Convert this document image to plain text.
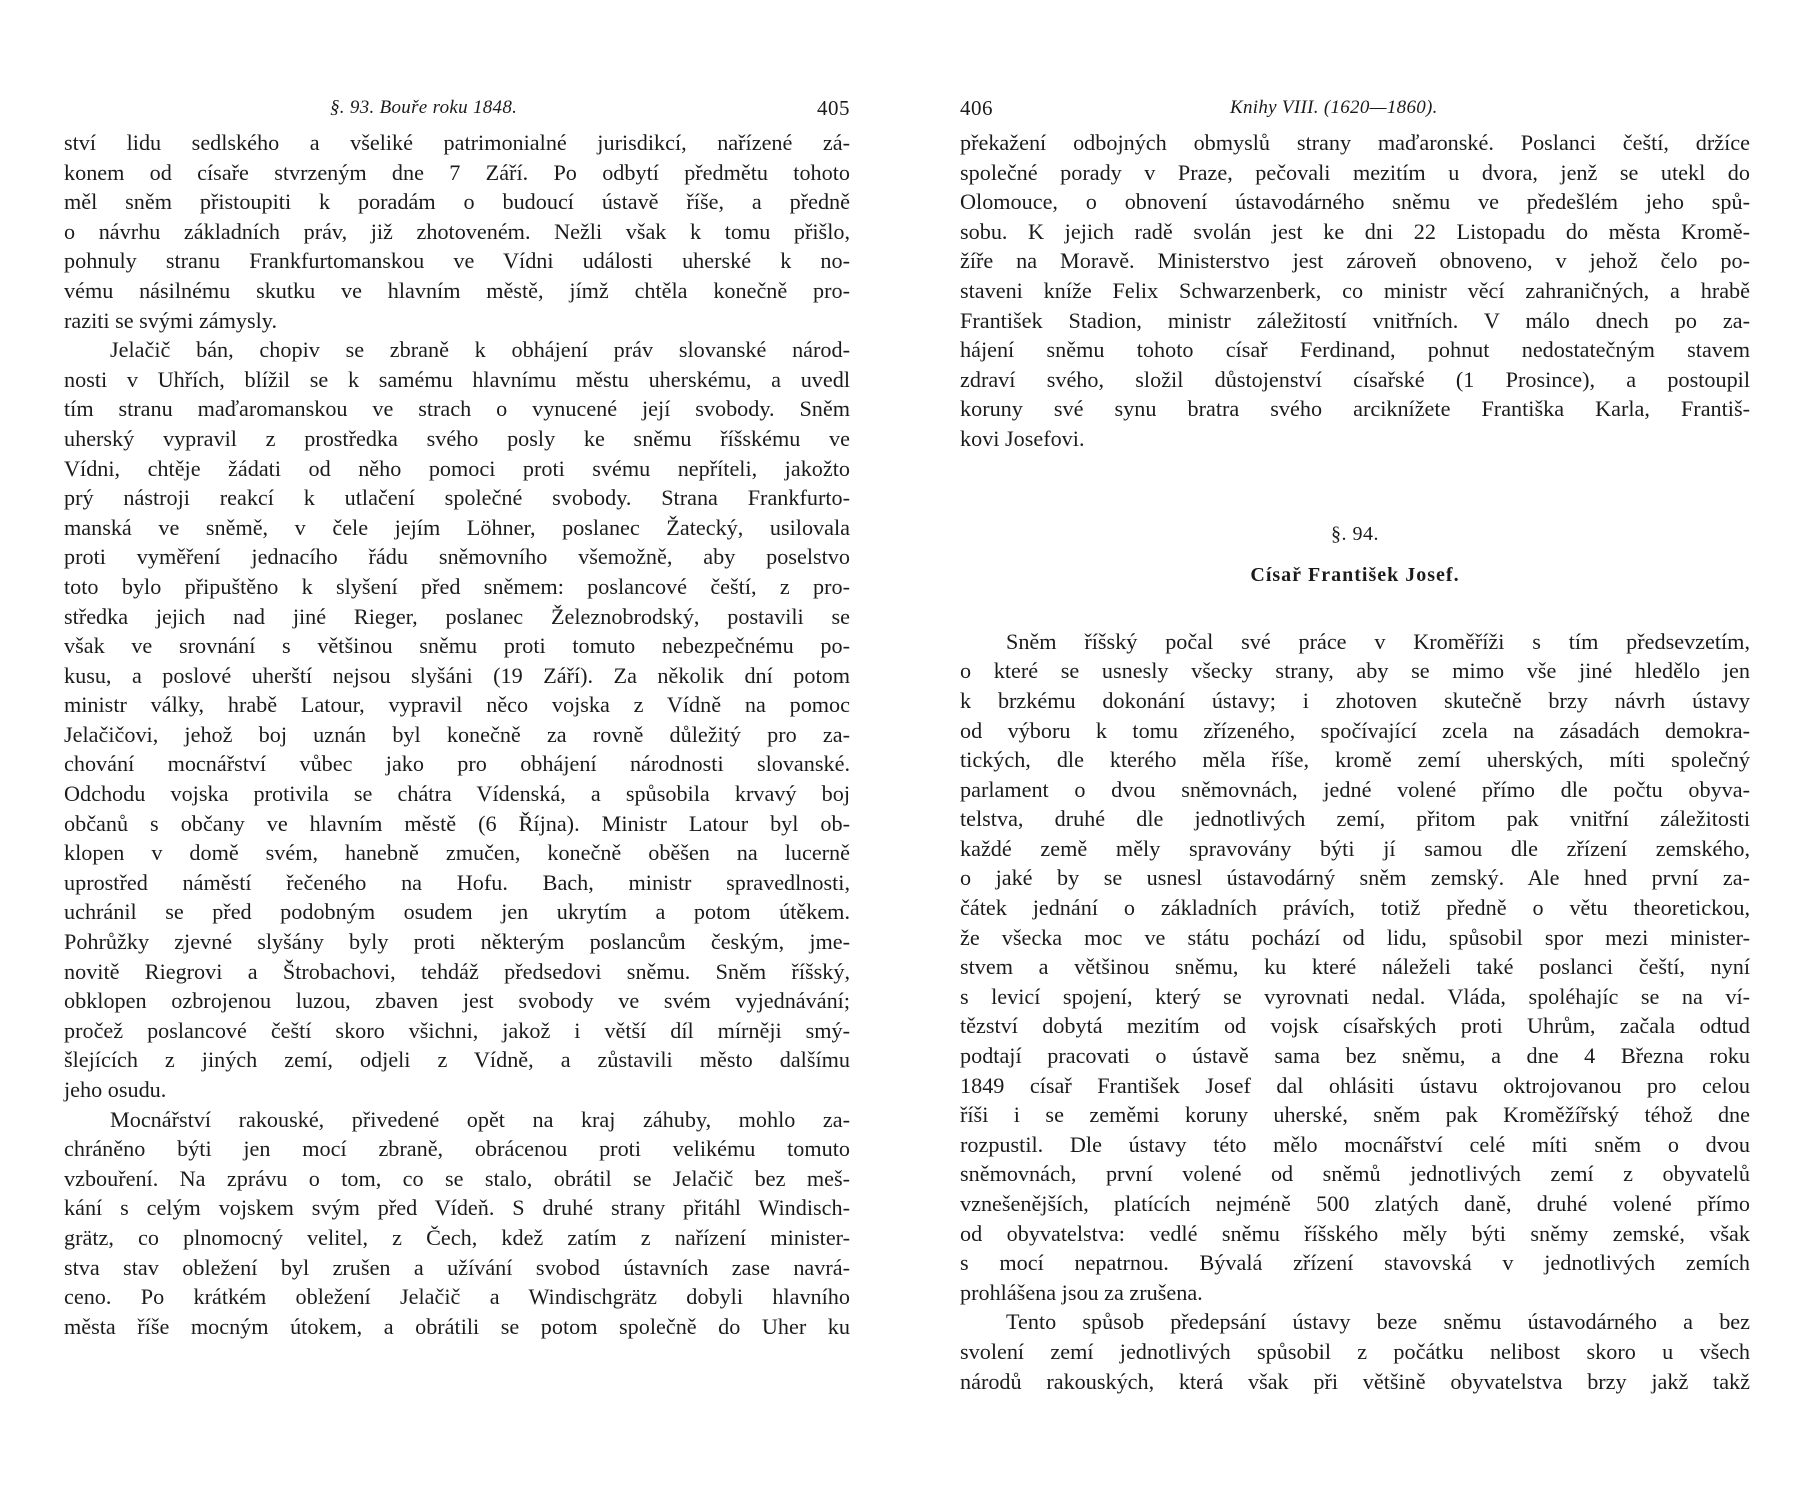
§. 93. Bouře roku 1848.	405
ství lidu sedlského a všeliké patrimonialné jurisdikcí, nařízené zá-
konem od císaře stvrzeným dne 7 Září. Po odbytí předmětu tohoto
měl sněm přistoupiti k poradám o budoucí ústavě říše, a předně
o návrhu základních práv, již zhotoveném. Nežli však k tomu přišlo,
pohnuly stranu Frankfurtomanskou ve Vídni události uherské k no-
vému násilnému skutku ve hlavním městě, jímž chtěla konečně pro-
raziti se svými zámysly.
Jelačič bán, chopiv se zbraně k obhájení práv slovanské národ-
nosti v Uhřích, blížil se k samému hlavnímu městu uherskému, a uvedl
tím stranu maďaromanskou ve strach o vynucené její svobody. Sněm
uherský vypravil z prostředka svého posly ke sněmu říšskému ve
Vídni, chtěje žádati od něho pomoci proti svému nepříteli, jakožto
prý nástroji reakcí k utlačení společné svobody. Strana Frankfurto-
manská ve sněmě, v čele jejím Löhner, poslanec Žatecký, usilovala
proti vyměření jednacího řádu sněmovního všemožně, aby poselstvo
toto bylo připuštěno k slyšení před sněmem: poslancové čeští, z pro-
středka jejich nad jiné Rieger, poslanec Železnobrodský, postavili se
však ve srovnání s většinou sněmu proti tomuto nebezpečnému po-
kusu, a poslové uherští nejsou slyšáni (19 Září). Za několik dní potom
ministr války, hrabě Latour, vypravil něco vojska z Vídně na pomoc
Jelačičovi, jehož boj uznán byl konečně za rovně důležitý pro za-
chování mocnářství vůbec jako pro obhájení národnosti slovanské.
Odchodu vojska protivila se chátra Vídenská, a spůsobila krvavý boj
občanů s občany ve hlavním městě (6 Října). Ministr Latour byl ob-
klopen v domě svém, hanebně zmučen, konečně oběšen na lucerně
uprostřed náměstí řečeného na Hofu. Bach, ministr spravedlnosti,
uchránil se před podobným osudem jen ukrytím a potom útěkem.
Pohrůžky zjevné slyšány byly proti některým poslancům českým, jme-
novitě Riegrovi a Štrobachovi, tehdáž předsedovi sněmu. Sněm říšský,
obklopen ozbrojenou luzou, zbaven jest svobody ve svém vyjednávání;
pročež poslancové čeští skoro všichni, jakož i větší díl mírněji smý-
šlejících z jiných zemí, odjeli z Vídně, a zůstavili město dalšímu
jeho osudu.
Mocnářství rakouské, přivedené opět na kraj záhuby, mohlo za-
chráněno býti jen mocí zbraně, obrácenou proti velikému tomuto
vzbouření. Na zprávu o tom, co se stalo, obrátil se Jelačič bez meš-
kání s celým vojskem svým před Vídeň. S druhé strany přitáhl Windisch-
grätz, co plnomocný velitel, z Čech, kdež zatím z nařízení minister-
stva stav obležení byl zrušen a užívání svobod ústavních zase navrá-
ceno. Po krátkém obležení Jelačič a Windischgrätz dobyli hlavního
města říše mocným útokem, a obrátili se potom společně do Uher ku
406	Knihy VIII. (1620—1860).
překažení odbojných obmyslů strany maďaronské. Poslanci čeští, držíce
společné porady v Praze, pečovali mezitím u dvora, jenž se utekl do
Olomouce, o obnovení ústavodárného sněmu ve předešlém jeho spů-
sobu. K jejich radě svolán jest ke dni 22 Listopadu do města Kromě-
žíře na Moravě. Ministerstvo jest zároveň obnoveno, v jehož čelo po-
staveni kníže Felix Schwarzenberk, co ministr věcí zahraničných, a hrabě
František Stadion, ministr záležitostí vnitřních. V málo dnech po za-
hájení sněmu tohoto císař Ferdinand, pohnut nedostatečným stavem
zdraví svého, složil důstojenství císařské (1 Prosince), a postoupil
koruny své synu bratra svého arciknížete Františka Karla, Františ-
kovi Josefovi.
§. 94.
Císař František Josef.
Sněm říšský počal své práce v Kroměříži s tím předsevzetím,
o které se usnesly všecky strany, aby se mimo vše jiné hledělo jen
k brzkému dokonání ústavy; i zhotoven skutečně brzy návrh ústavy
od výboru k tomu zřízeného, spočívající zcela na zásadách demokra-
tických, dle kterého měla říše, kromě zemí uherských, míti společný
parlament o dvou sněmovnách, jedné volené přímo dle počtu obyva-
telstva, druhé dle jednotlivých zemí, přitom pak vnitřní záležitosti
každé země měly spravovány býti jí samou dle zřízení zemského,
o jaké by se usnesl ústavodárný sněm zemský. Ale hned první za-
čátek jednání o základních právích, totiž předně o větu theoretickou,
že všecka moc ve státu pochází od lidu, spůsobil spor mezi minister-
stvem a většinou sněmu, ku které náleželi také poslanci čeští, nyní
s levicí spojení, který se vyrovnati nedal. Vláda, spoléhajíc se na ví-
tězství dobytá mezitím od vojsk císařských proti Uhrům, začala odtud
podtají pracovati o ústavě sama bez sněmu, a dne 4 Března roku
1849 císař František Josef dal ohlásiti ústavu oktrojovanou pro celou
říši i se zeměmi koruny uherské, sněm pak Kroměžířský téhož dne
rozpustil. Dle ústavy této mělo mocnářství celé míti sněm o dvou
sněmovnách, první volené od sněmů jednotlivých zemí z obyvatelů
vznešenějších, platících nejméně 500 zlatých daně, druhé volené přímo
od obyvatelstva: vedlé sněmu říšského měly býti sněmy zemské, však
s mocí nepatrnou. Bývalá zřízení stavovská v jednotlivých zemích
prohlášena jsou za zrušena.
Tento spůsob předepsání ústavy beze sněmu ústavodárného a bez
svolení zemí jednotlivých spůsobil z počátku nelibost skoro u všech
národů rakouských, která však při většině obyvatelstva brzy jakž takž
